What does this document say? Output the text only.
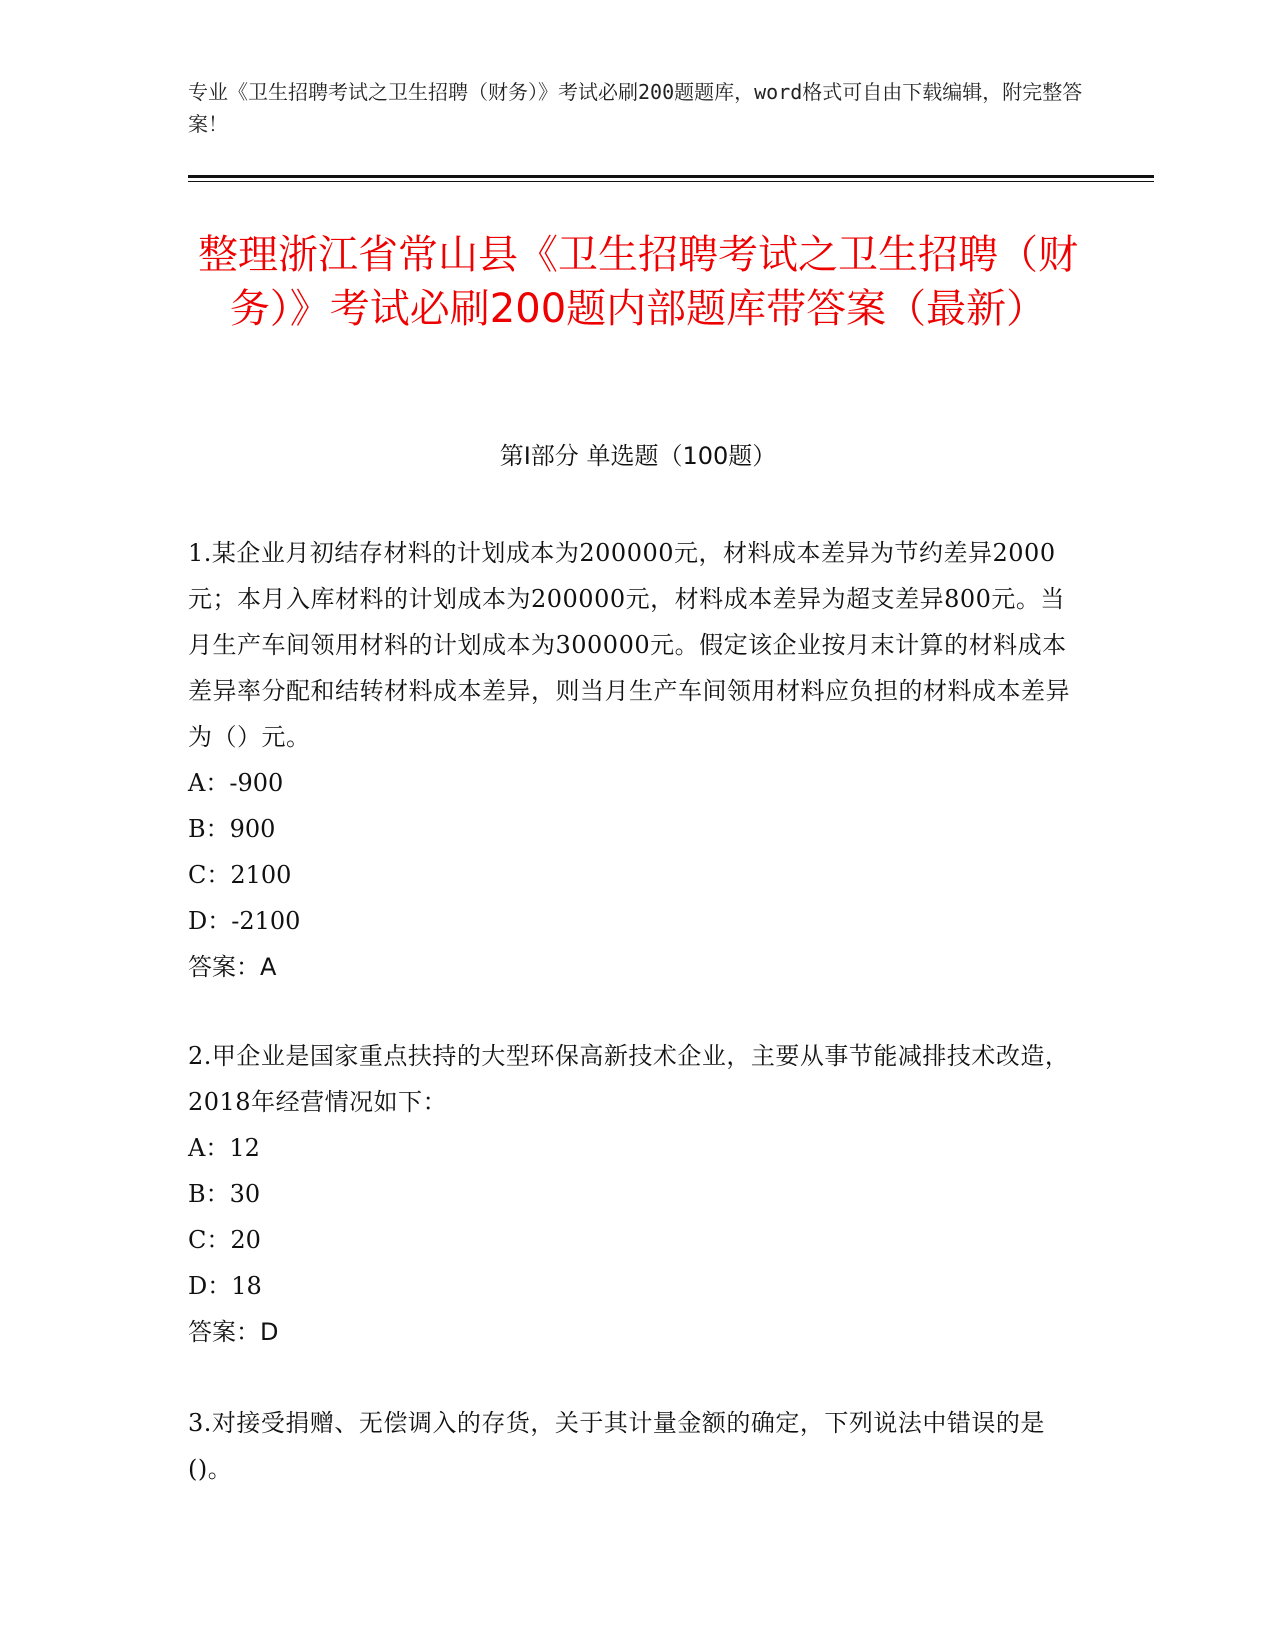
专业《卫生招聘考试之卫生招聘（财务）》考试必刷200题题库，word格式可自由下载编辑，附完整答案！
整理浙江省常山县《卫生招聘考试之卫生招聘（财务）》考试必刷200题内部题库带答案（最新）
第Ⅰ部分 单选题（100题）

1.某企业月初结存材料的计划成本为200000元，材料成本差异为节约差异2000元；本月入库材料的计划成本为200000元，材料成本差异为超支差异800元。当月生产车间领用材料的计划成本为300000元。假定该企业按月末计算的材料成本差异率分配和结转材料成本差异，则当月生产车间领用材料应负担的材料成本差异为（）元。

A：-900
B：900
C：2100
D：-2100
答案：A

2.甲企业是国家重点扶持的大型环保高新技术企业，主要从事节能减排技术改造，2018年经营情况如下：

A：12
B：30
C：20
D：18
答案：D

3.对接受捐赠、无偿调入的存货，关于其计量金额的确定，下列说法中错误的是()。
